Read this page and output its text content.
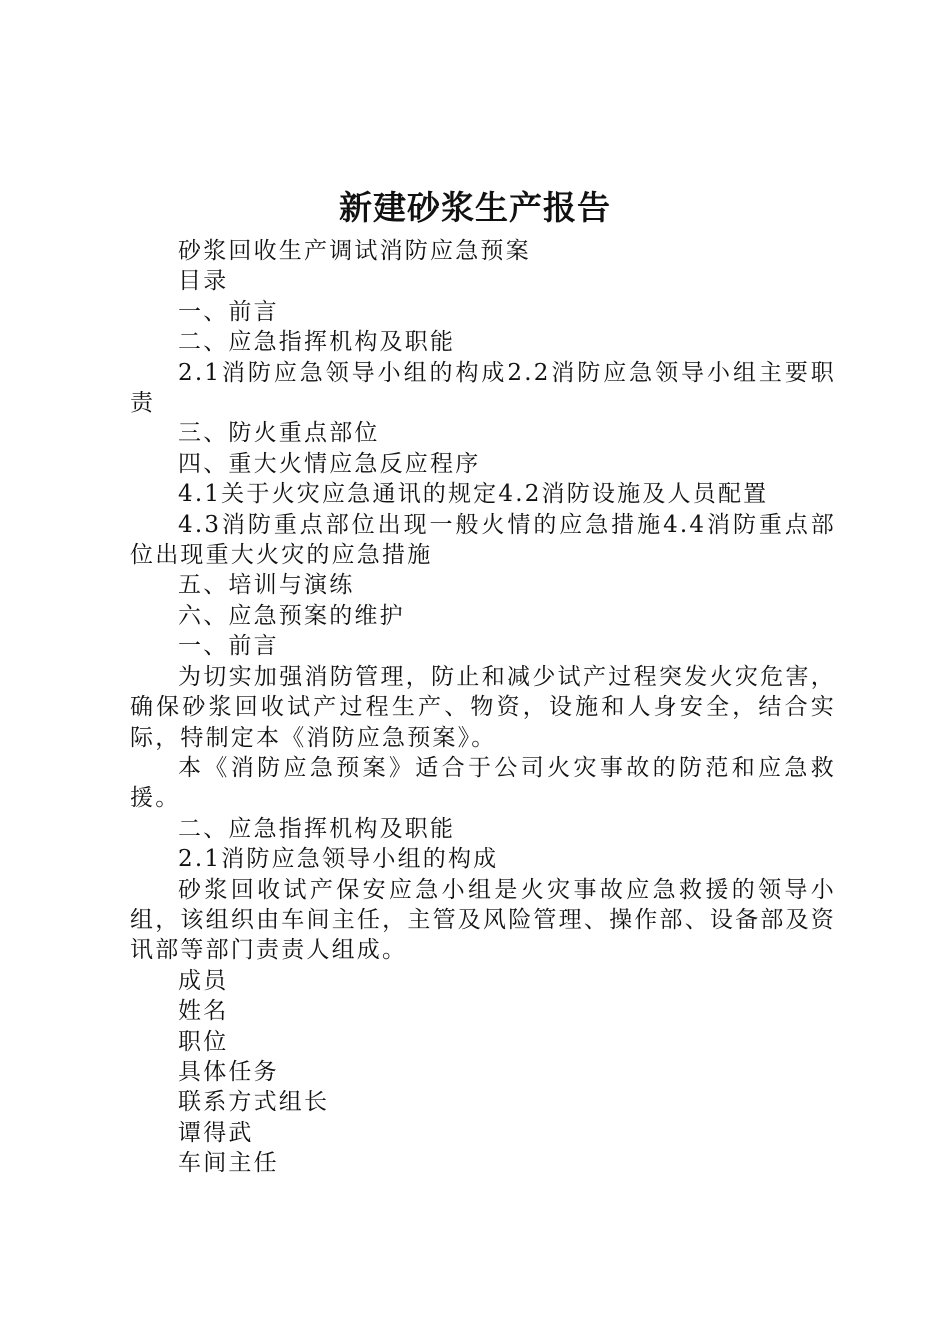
新建砂浆生产报告

砂浆回收生产调试消防应急预案

目录

一、前言

二、应急指挥机构及职能

2.1消防应急领导小组的构成2.2消防应急领导小组主要职责

三、防火重点部位

四、重大火情应急反应程序

4.1关于火灾应急通讯的规定4.2消防设施及人员配置

4.3消防重点部位出现一般火情的应急措施4.4消防重点部位出现重大火灾的应急措施

五、培训与演练

六、应急预案的维护

一、前言

为切实加强消防管理，防止和减少试产过程突发火灾危害，确保砂浆回收试产过程生产、物资，设施和人身安全，结合实际，特制定本《消防应急预案》。

本《消防应急预案》适合于公司火灾事故的防范和应急救援。

二、应急指挥机构及职能

2.1消防应急领导小组的构成

砂浆回收试产保安应急小组是火灾事故应急救援的领导小组，该组织由车间主任，主管及风险管理、操作部、设备部及资讯部等部门责责人组成。

成员

姓名

职位

具体任务

联系方式组长

谭得武

车间主任
